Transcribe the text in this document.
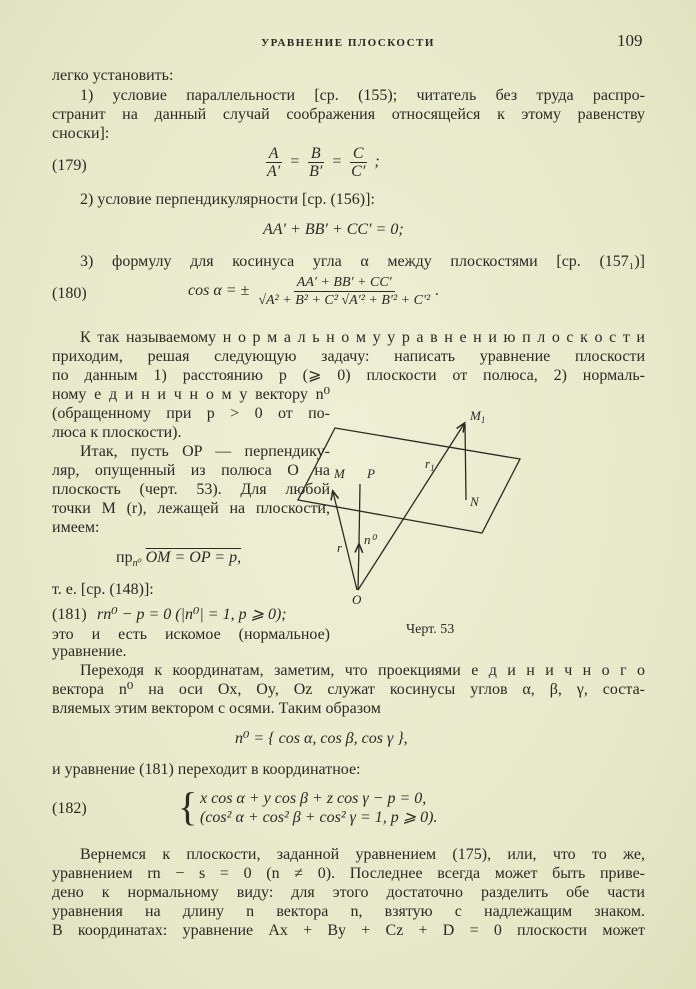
УРАВНЕНИЕ ПЛОСКОСТИ	109
легко установить:
1) условие параллельности [ср. (155); читатель без труда распро-
странит на данный случай соображения относящейся к этому равенству
сноски]:
(179)	$\frac{A}{A'} = \frac{B}{B'} = \frac{C}{C'}$ ;
2) условие перпендикулярности [ср. (156)]:
AA′ + BB′ + CC′ = 0;
3) формулу для косинуса угла α между плоскостями [ср. (157₁)]
(180)	cos α = ± $\frac{AA' + BB' + CC'}{\text{√A² + B² + C² √A′² + B′² + C′²}}$ .
К так называемому н о р м а л ь н о м у у р а в н е н и ю п л о с к о с т и
приходим, решая следующую задачу: написать уравнение плоскости
по данным 1) расстоянию p (⩾ 0) плоскости от полюса, 2) нормаль-
ному е д и н и ч н о м у вектору n⁰
(обращенному при p > 0 от по-
люса к плоскости).
Итак, пусть OP — перпендику-
ляр, опущенный из полюса O на
плоскость (черт. 53). Для любой
точки M (r), лежащей на плоскости,
имеем:
$пр_{n^0}$ OM = OP = p,
т. е. [ср. (148)]:
(181) rn⁰ − p = 0 (|n⁰| = 1, p ⩾ 0);
это и есть искомое (нормальное)
уравнение.
M P
$M_1$
N
$r_1$
r
n⁰
O
Черт. 53
Переходя к координатам, заметим, что проекциями е д и н и ч н о г о
вектора n⁰ на оси Ox, Oy, Oz служат косинусы углов α, β, γ, соста-
вляемых этим вектором с осями. Таким образом
n⁰ = { cos α, cos β, cos γ },
и уравнение (181) переходит в координатное:
(182) { x cos α + y cos β + z cos γ − p = 0,
(cos² α + cos² β + cos² γ = 1, p ⩾ 0).
Вернемся к плоскости, заданной уравнением (175), или, что то же,
уравнением rn − s = 0 (n ≠ 0). Последнее всегда может быть приве-
дено к нормальному виду: для этого достаточно разделить обе части
уравнения на длину n вектора n, взятую с надлежащим знаком.
В координатах: уравнение Ax + By + Cz + D = 0 плоскости может
